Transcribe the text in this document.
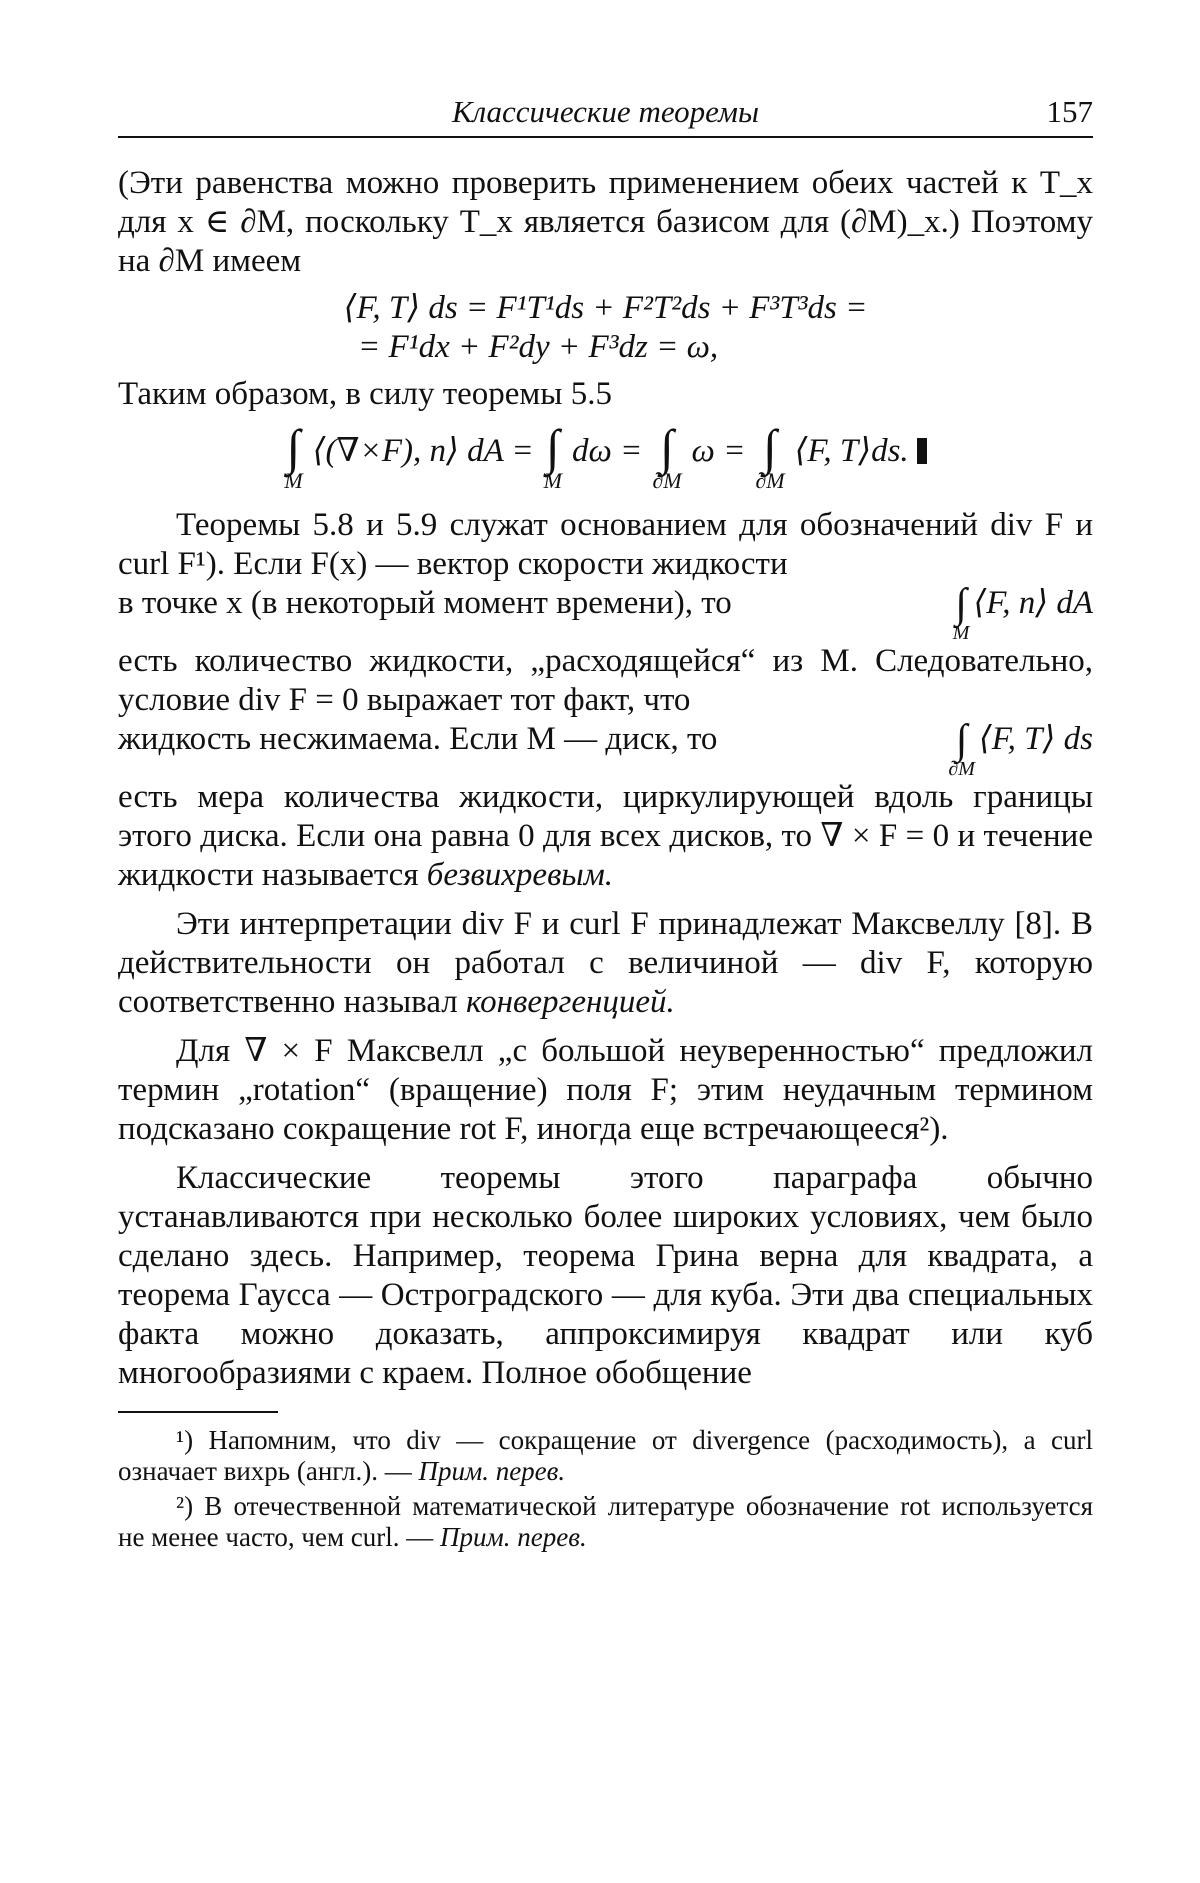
Классические теоремы	157

(Эти равенства можно проверить применением обеих частей к T_x для x ∈ ∂M, поскольку T_x является базисом для (∂M)_x.) Поэтому на ∂M имеем

⟨F, T⟩ ds = F¹T¹ds + F²T²ds + F³T³ds =
= F¹dx + F²dy + F³dz = ω,

Таким образом, в силу теоремы 5.5

∫
M
⟨(∇×F), n⟩ dA = ∫
M
dω = ∫
∂M
ω = ∫
∂M
⟨F, T⟩ds.

Теоремы 5.8 и 5.9 служат основанием для обозначений div F и curl F¹). Если F(x) — вектор скорости жидкости

в точке x (в некоторый момент времени), то	∫
M
⟨F, n⟩ dA

есть количество жидкости, „расходящейся“ из M. Следовательно, условие div F = 0 выражает тот факт, что

жидкость несжимаема. Если M — диск, то	∫
∂M
⟨F, T⟩ ds

есть мера количества жидкости, циркулирующей вдоль границы этого диска. Если она равна 0 для всех дисков, то ∇ × F = 0 и течение жидкости называется безвихревым.

Эти интерпретации div F и curl F принадлежат Максвеллу [8]. В действительности он работал с величиной — div F, которую соответственно называл конвергенцией.

Для ∇ × F Максвелл „с большой неуверенностью“ предложил термин „rotation“ (вращение) поля F; этим неудачным термином подсказано сокращение rot F, иногда еще встречающееся²).

Классические теоремы этого параграфа обычно устанавливаются при несколько более широких условиях, чем было сделано здесь. Например, теорема Грина верна для квадрата, а теорема Гаусса — Остроградского — для куба. Эти два специальных факта можно доказать, аппроксимируя квадрат или куб многообразиями с краем. Полное обобщение

¹) Напомним, что div — сокращение от divergence (расходимость), а curl означает вихрь (англ.). — Прим. перев.

²) В отечественной математической литературе обозначение rot используется не менее часто, чем curl. — Прим. перев.
